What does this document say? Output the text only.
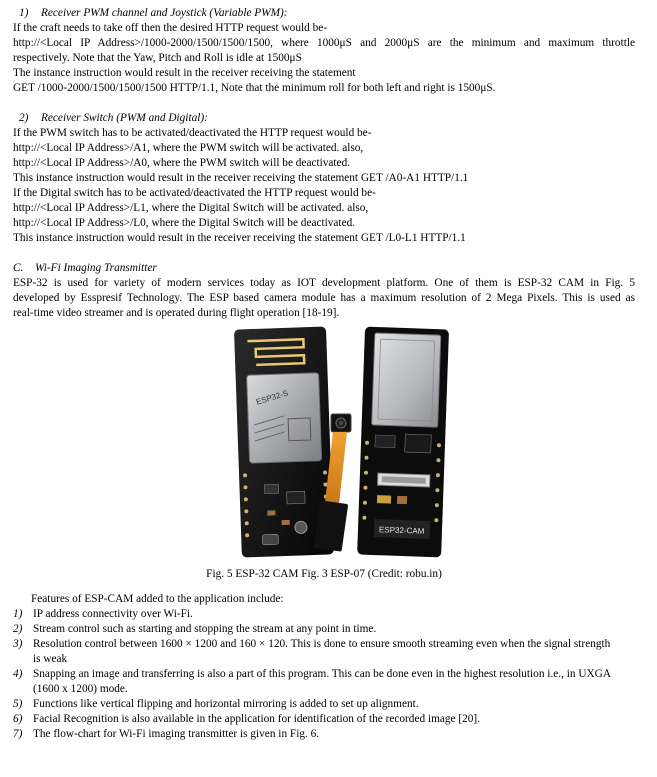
1) Receiver PWM channel and Joystick (Variable PWM):
If the craft needs to take off then the desired HTTP request would be-
http://<Local IP Address>/1000-2000/1500/1500/1500, where 1000μS and 2000μS are the minimum and maximum throttle
respectively. Note that the Yaw, Pitch and Roll is idle at 1500μS
The instance instruction would result in the receiver receiving the statement
GET /1000-2000/1500/1500/1500 HTTP/1.1, Note that the minimum roll for both left and right is 1500μS.
2) Receiver Switch (PWM and Digital):
If the PWM switch has to be activated/deactivated the HTTP request would be-
http://<Local IP Address>/A1, where the PWM switch will be activated. also,
http://<Local IP Address>/A0, where the PWM switch will be deactivated.
This instance instruction would result in the receiver receiving the statement GET /A0-A1 HTTP/1.1
If the Digital switch has to be activated/deactivated the HTTP request would be-
http://<Local IP Address>/L1, where the Digital Switch will be activated. also,
http://<Local IP Address>/L0, where the Digital Switch will be deactivated.
This instance instruction would result in the receiver receiving the statement GET /L0-L1 HTTP/1.1
C. Wi-Fi Imaging Transmitter
ESP-32 is used for variety of modern services today as IOT development platform. One of them is ESP-32 CAM in Fig. 5
developed by Esspresif Technology. The ESP based camera module has a maximum resolution of 2 Mega Pixels. This is used as
real-time video streamer and is operated during flight operation [18-19].
ESP32-S
ESP32-CAM
Fig. 5 ESP-32 CAM Fig. 3 ESP-07 (Credit: robu.in)
Features of ESP-CAM added to the application include:
1) IP address connectivity over Wi-Fi.
2) Stream control such as starting and stopping the stream at any point in time.
3) Resolution control between 1600 × 1200 and 160 × 120. This is done to ensure smooth streaming even when the signal strength
is weak
4) Snapping an image and transferring is also a part of this program. This can be done even in the highest resolution i.e., in UXGA
(1600 x 1200) mode.
5) Functions like vertical flipping and horizontal mirroring is added to set up alignment.
6) Facial Recognition is also available in the application for identification of the recorded image [20].
7) The flow-chart for Wi-Fi imaging transmitter is given in Fig. 6.
